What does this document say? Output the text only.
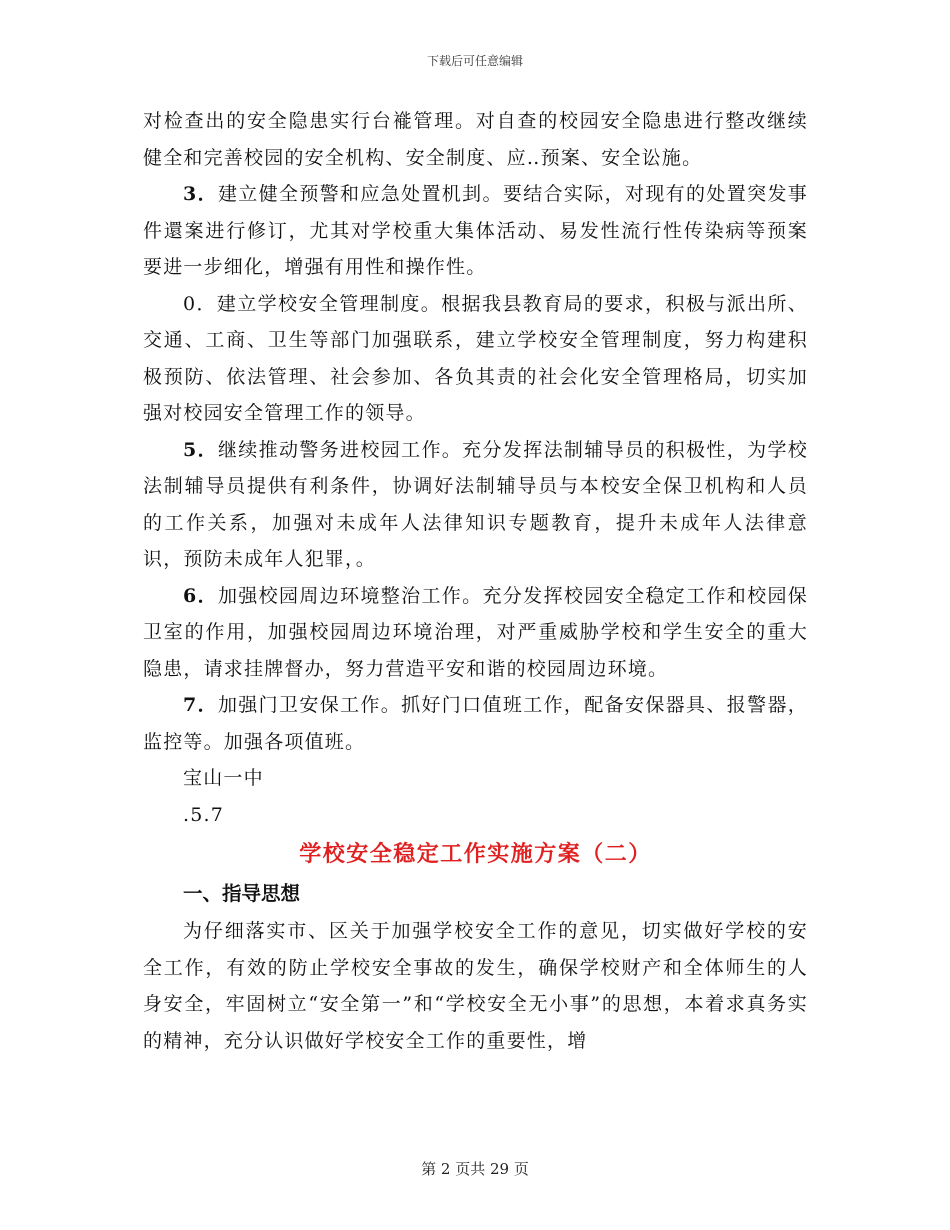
下载后可任意编辑

对检查出的安全隐患实行台褦管理。对自查的校园安全隐患进行整改继续健全和完善校园的安全机构、安全制度、应‥预案、安全讼施。

3．建立健全预警和应急处置机刲。要结合实际，对现有的处置突发事件還案进行修订，尤其对学校重大集体活动、易发性流行性传染病等预案要进一步细化，增强有用性和操作性。

0．建立学校安全管理制度。根据我县教育局的要求，积极与派出所、交通、工商、卫生等部门加强联系，建立学校安全管理制度，努力构建积极预防、依法管理、社会参加、各负其责的社会化安全管理格局，切实加强对校园安全管理工作的领导。

5．继续推动警务进校园工作。充分发挥法制辅导员的积极性，为学校法制辅导员提供有利条件，协调好法制辅导员与本校安全保卫机构和人员的工作关系，加强对未成年人法律知识专题教育，提升未成年人法律意识，预防未成年人犯罪，。

6．加强校园周边环境整治工作。充分发挥校园安全稳定工作和校园保卫室的作用，加强校园周边环境治理，对严重威胁学校和学生安全的重大隐患，请求挂牌督办，努力营造平安和谐的校园周边环境。

7．加强门卫安保工作。抓好门口值班工作，配备安保器具、报警器，监控等。加强各项值班。

宝山一中

.5.7

学校安全稳定工作实施方案（二）

一、指导思想

为仔细落实市、区关于加强学校安全工作的意见，切实做好学校的安全工作，有效的防止学校安全事故的发生，确保学校财产和全体师生的人身安全，牢固树立“安全第一”和“学校安全无小事”的思想，本着求真务实的精神，充分认识做好学校安全工作的重要性，增

第 2 页共 29 页
